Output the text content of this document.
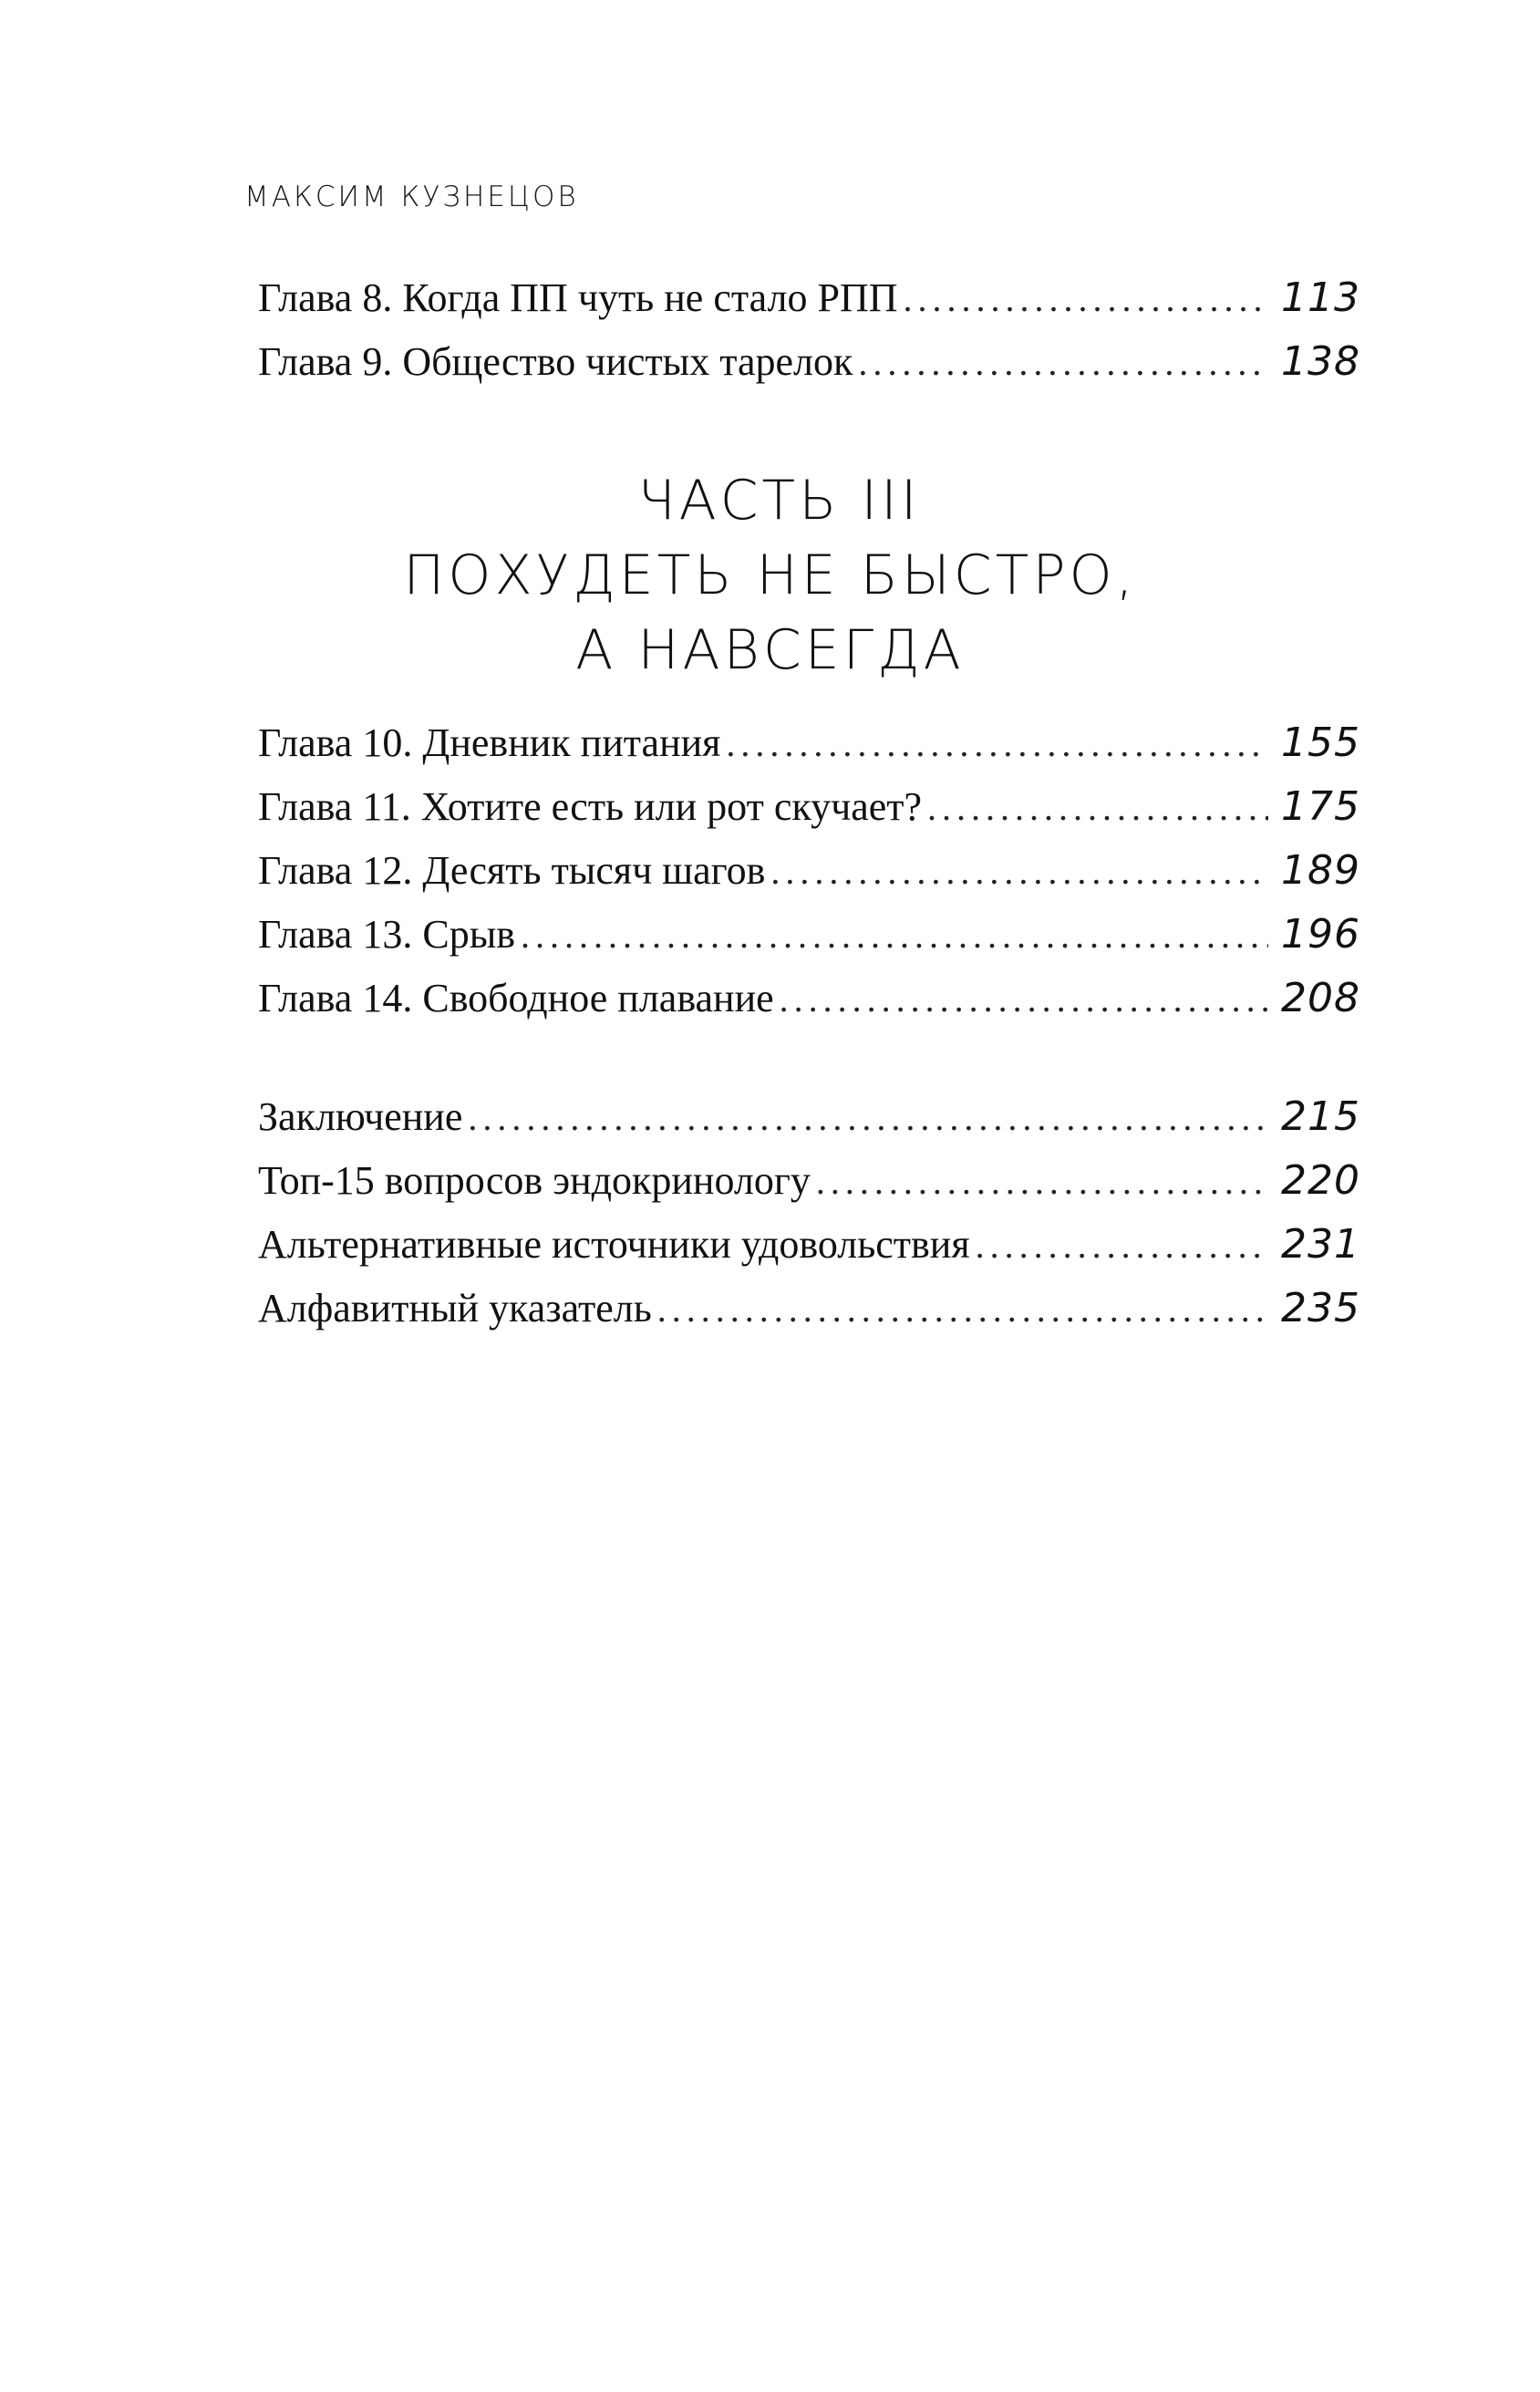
МАКСИМ КУЗНЕЦОВ
Глава 8. Когда ПП чуть не стало РПП . . .	113
Глава 9. Общество чистых тарелок . . .	138
ЧАСТЬ III
ПОХУДЕТЬ НЕ БЫСТРО,
А НАВСЕГДА
Глава 10. Дневник питания . . .	155
Глава 11. Хотите есть или рот скучает? . . .	175
Глава 12. Десять тысяч шагов . . .	189
Глава 13. Срыв . . .	196
Глава 14. Свободное плавание . . .	208
Заключение . . .	215
Топ-15 вопросов эндокринологу . . .	220
Альтернативные источники удовольствия . . .	231
Алфавитный указатель . . .	235
